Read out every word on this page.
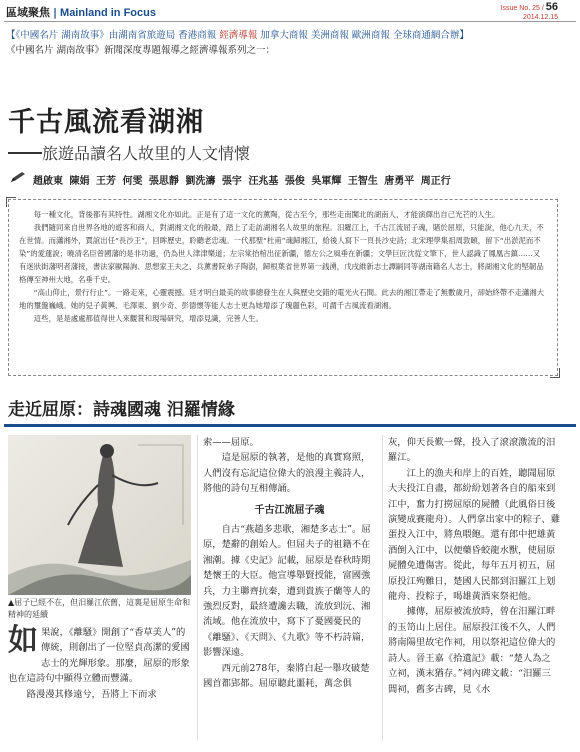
區域聚焦 | Mainland in Focus	Issue No. 25 / 56
2014.12.15
【《中國名片 湖南故事》由湖南省旅遊局 香港商報 經濟導報 加拿大商報 美洲商報 歐洲商報 全球商通網合辦】
《中國名片 湖南故事》新聞深度專題報導之經濟導報系列之一：
千古風流看湖湘
旅遊品讀名人故里的人文情懷
趙啟東 陳娟 王芳 何雯 張思靜 劉洗濤 張宇 汪兆基 張俊 吳軍輝 王智生 唐勇平 周正行

每一種文化，背後都有其特性。湖湘文化亦如此。正是有了這一文化的薰陶，從古至今，那些走南闖北的湖南人，才能演繹出自己光芒的人生。

我們隨同來自世界各地的遊客和商人，對湖湘文化的般最，踏上了走訪湖湘名人故里的旅程。汨羅江上，千古江流屈子魂，賭於屈原，只能說，他心九天，不在世情。而瀟湘外，賈誼出任“長沙王”，回眸歷史，聆聽老忠魂。一代那聖“杜甫”魂歸湘江，給後人寫下一頁長沙史詩；北宋理學集祖周敦頤，留下“出淤泥而不染”的愛蓮說；曉清名臣曾國藩的是非功過，仍為世人津津樂道；左宗棠抬棺出征新疆，德左公之風垂在新疆；文學巨匠沈從文筆下，世人認識了鳳凰古鎮……又有迷狀街藩明者藩接，書法家歐陽詢、思想家王夫之、兵薰書院弟子陶澍，歸根葉省世界第一銭湧，戊戌維新志士譚嗣同等湖南籍名人志士，將湖湘文化的堅韌品格傳至神州大地，名垂千史。

“高山仰止，景行行止”。一路走來，心靈震撼。廷才明白最美的故事總發生在人與歷史交錯的電光火石間。此去的湘江帶走了無數歲月，卻始終帶不走瀟湘大地的璽盤巍峨。她的兒子黃興、毛澤東、劉少奇、彭德懷等能人志士更為她增添了瑰麗色彩，可謂千古風流看湖湘。

這些，是是處處都值得世人來觀賞和現場研究，增添見識，完善人生。

走近屈原：詩魂國魂 汨羅情緣
▲屈子已經不在，但汨羅江依舊，這裏是屈原生命和精神的延續

如果說，《離騷》開創了“香草美人”的傳統，則創出了一位堅貞高潔的愛國志士的光輝形象。那麼，屈原的形象也在這詩句中顯得立體而豐滿。

路漫漫其修遠兮，吾將上下而求

索——屈原。

這是屈原的執著，是他的真實寫照，人們沒有忘記這位偉大的浪漫主義詩人，將他的詩句互相傳誦。

千古江流屈子魂

自古“燕趙多悲歌，湘楚多志士”。屈原，楚辭的創始人。但屈夫子的祖籍不在湘潮。據《史記》記載，屈原是春秋時期楚懷王的大臣。他宣導舉賢授能，富國強兵，力主聯齊抗秦，遭到貴族子蘭等人的強烈反對，最終遭讒去職，流放到沅、湘流域。他在流放中，寫下了憂國憂民的《離騷》、《天問》、《九歌》等不朽詩篇，影響深遠。

西元前278年，秦將白起一舉攻破楚國首都郢都。屈原聽此噩耗，萬念俱

灰，仰天長歎一聲，投入了滾滾激流的汨羅江。

江上的漁夫和岸上的百姓，聽聞屈原大夫投江自盡，都紛紛划著各自的船來到江中，奮力打撈屈原的屍體（此風俗日後演變成賽龍舟）。人們拿出家中的粽子、雞蛋投入江中，將魚喂飽。還有郎中把雄黃酒倒入江中，以便藥昏蛟龍水獸，使屈原屍體免遭傷害。從此，每年五月初五，屈原投江殉難日，楚國人民都到汨羅江上划龍舟、投粽子，喝雄黃酒來祭祀他。

據傳，屈原被流放時，曾在汨羅江畔的玉笥山上居住。屈原投江後不久，人們將南陽里故宅作祠，用以祭祀這位偉大的詩人。晉王嘉《拾遺記》載：“楚人為之立祠，漢末猶存。”祠內碑文載：“汨羅三閭祠，舊多古碑，見《水
